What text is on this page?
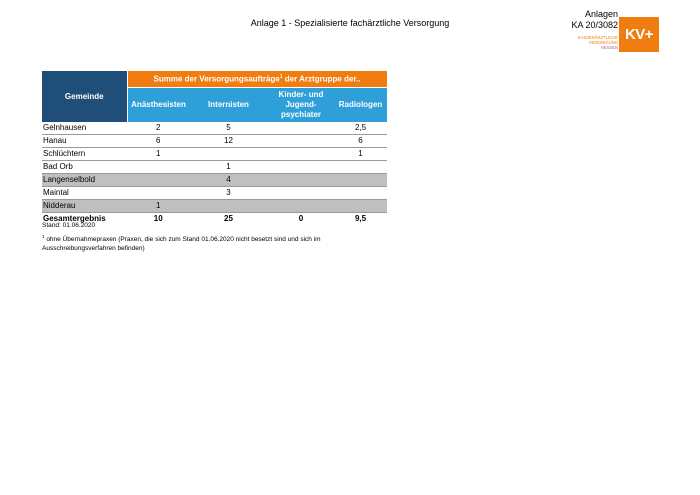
Anlage 1 - Spezialisierte fachärztliche Versorgung
Anlagen
KA 20/3082
KASSENÄRZTLICHE
VEREINIGUNG
HESSEN
KV+
Gemeinde	Summe der Versorgungsaufträge$^1$ der Arztgruppe der..			
	Anästhesisten	Internisten	Kinder- und
Jugend-
psychiater	Radiologen
Gelnhausen	2	5		2,5
Hanau	6	12		6
Schlüchtern	1			1
Bad Orb		1		
Langenselbold		4		
Maintal		3		
Nidderau	1			
Gesamtergebnis	10	25	0	9,5
Stand: 01.06.2020
$^1$ ohne Übernahmepraxen (Praxen, die sich zum Stand 01.06.2020 nicht besetzt sind und sich im
Ausschreibungsverfahren befinden)
